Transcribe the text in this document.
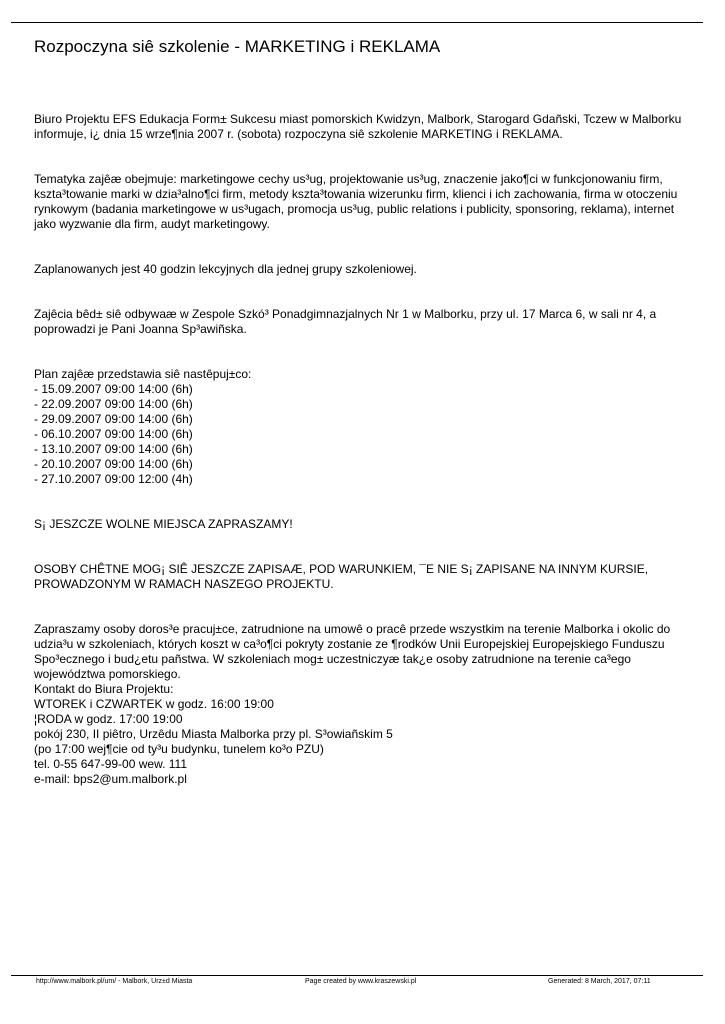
Rozpoczyna siê szkolenie - MARKETING i REKLAMA

Biuro Projektu EFS Edukacja Form± Sukcesu miast pomorskich Kwidzyn, Malbork, Starogard Gdañski, Tczew w Malborku informuje, i¿ dnia 15 wrze¶nia 2007 r. (sobota) rozpoczyna siê szkolenie MARKETING i REKLAMA.

Tematyka zajêæ obejmuje: marketingowe cechy us³ug, projektowanie us³ug, znaczenie jako¶ci w funkcjonowaniu firm, kszta³towanie marki w dzia³alno¶ci firm, metody kszta³towania wizerunku firm, klienci i ich zachowania, firma w otoczeniu rynkowym (badania marketingowe w us³ugach, promocja us³ug, public relations i publicity, sponsoring, reklama), internet jako wyzwanie dla firm, audyt marketingowy.

Zaplanowanych jest 40 godzin lekcyjnych dla jednej grupy szkoleniowej.

Zajêcia bêd± siê odbywaæ w Zespole Szkó³ Ponadgimnazjalnych Nr 1 w Malborku, przy ul. 17 Marca 6, w sali nr 4, a poprowadzi je Pani Joanna Sp³awiñska.

Plan zajêæ przedstawia siê nastêpuj±co:
- 15.09.2007 09:00 14:00 (6h)
- 22.09.2007 09:00 14:00 (6h)
- 29.09.2007 09:00 14:00 (6h)
- 06.10.2007 09:00 14:00 (6h)
- 13.10.2007 09:00 14:00 (6h)
- 20.10.2007 09:00 14:00 (6h)
- 27.10.2007 09:00 12:00 (4h)

S¡ JESZCZE WOLNE MIEJSCA ZAPRASZAMY!

OSOBY CHÊTNE MOG¡ SIÊ JESZCZE ZAPISAÆ, POD WARUNKIEM, ¯E NIE S¡ ZAPISANE NA INNYM KURSIE, PROWADZONYM W RAMACH NASZEGO PROJEKTU.

Zapraszamy osoby doros³e pracuj±ce, zatrudnione na umowê o pracê przede wszystkim na terenie Malborka i okolic do udzia³u w szkoleniach, których koszt w ca³o¶ci pokryty zostanie ze ¶rodków Unii Europejskiej Europejskiego Funduszu Spo³ecznego i bud¿etu pañstwa. W szkoleniach mog± uczestniczyæ tak¿e osoby zatrudnione na terenie ca³ego województwa pomorskiego.

Kontakt do Biura Projektu:
WTOREK i CZWARTEK w godz. 16:00 19:00
¦RODA w godz. 17:00 19:00
pokój 230, II piêtro, Urzêdu Miasta Malborka przy pl. S³owiañskim 5
(po 17:00 wej¶cie od ty³u budynku, tunelem ko³o PZU)
tel. 0-55 647-99-00 wew. 111
e-mail: bps2@um.malbork.pl
http://www.malbork.pl/um/ - Malbork, Urz±d Miasta	Page created by www.kraszewski.pl	Generated: 8 March, 2017, 07:11
